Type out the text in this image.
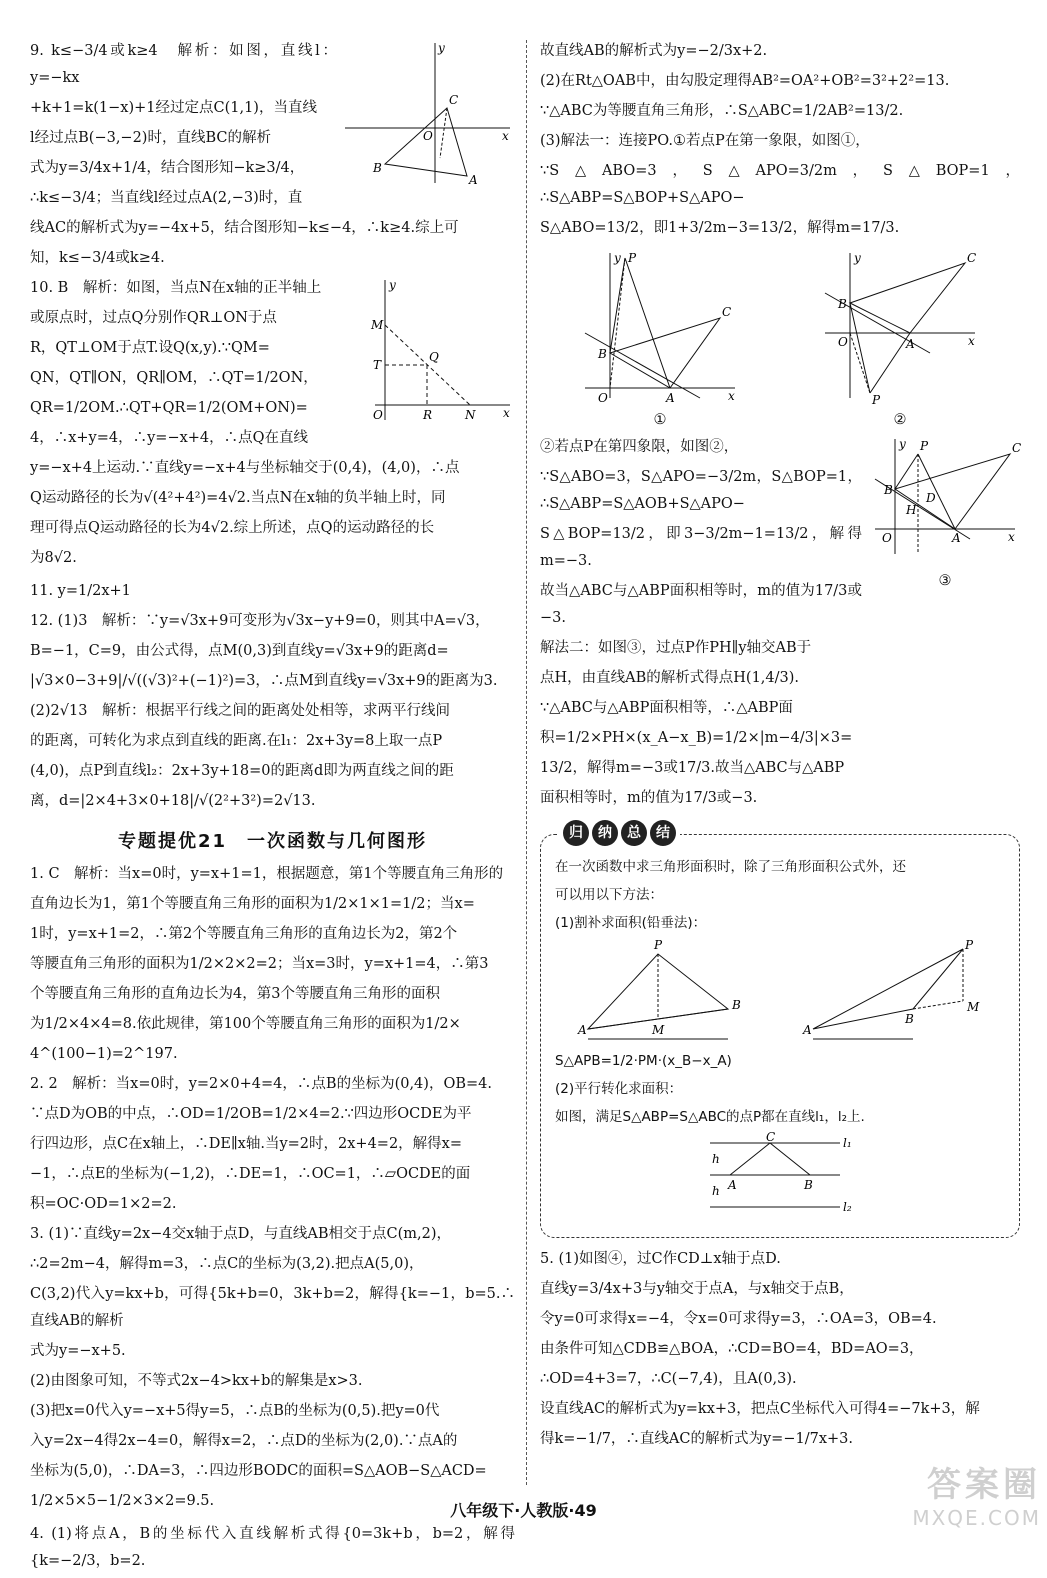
x
y
O
C
B
A

9. k≤−3/4或k≥4　解析：如图，直线l：y=−kx

+k+1=k(1−x)+1经过定点C(1,1)，当直线

l经过点B(−3,−2)时，直线BC的解析

式为y=3/4x+1/4，结合图形知−k≥3/4，

∴k≤−3/4；当直线l经过点A(2,−3)时，直

线AC的解析式为y=−4x+5，结合图形知−k≤−4，∴k≥4.综上可

知，k≤−3/4或k≥4.

x
y
O
M
T
Q
R	N

10. B　解析：如图，当点N在x轴的正半轴上

或原点时，过点Q分别作QR⊥ON于点

R，QT⊥OM于点T.设Q(x,y).∵QM=

QN，QT∥ON，QR∥OM，∴QT=1/2ON，

QR=1/2OM.∴QT+QR=1/2(OM+ON)=

4，∴x+y=4，∴y=−x+4，∴点Q在直线

y=−x+4上运动.∵直线y=−x+4与坐标轴交于(0,4)，(4,0)，∴点

Q运动路径的长为√(4²+4²)=4√2.当点N在x轴的负半轴上时，同

理可得点Q运动路径的长为4√2.综上所述，点Q的运动路径的长

为8√2.

11. y=1/2x+1

12. (1)3　解析：∵y=√3x+9可变形为√3x−y+9=0，则其中A=√3，

B=−1，C=9，由公式得，点M(0,3)到直线y=√3x+9的距离d=

|√3×0−3+9|/√((√3)²+(−1)²)=3，∴点M到直线y=√3x+9的距离为3.

(2)2√13　解析：根据平行线之间的距离处处相等，求两平行线间

的距离，可转化为求点到直线的距离.在l₁：2x+3y=8上取一点P

(4,0)，点P到直线l₂：2x+3y+18=0的距离d即为两直线之间的距

离，d=|2×4+3×0+18|/√(2²+3²)=2√13.

专题提优21　一次函数与几何图形

1. C　解析：当x=0时，y=x+1=1，根据题意，第1个等腰直角三角形的

直角边长为1，第1个等腰直角三角形的面积为1/2×1×1=1/2；当x=

1时，y=x+1=2，∴第2个等腰直角三角形的直角边长为2，第2个

等腰直角三角形的面积为1/2×2×2=2；当x=3时，y=x+1=4，∴第3

个等腰直角三角形的直角边长为4，第3个等腰直角三角形的面积

为1/2×4×4=8.依此规律，第100个等腰直角三角形的面积为1/2×

4^(100−1)=2^197.

2. 2　解析：当x=0时，y=2×0+4=4，∴点B的坐标为(0,4)，OB=4.

∵点D为OB的中点，∴OD=1/2OB=1/2×4=2.∵四边形OCDE为平

行四边形，点C在x轴上，∴DE∥x轴.当y=2时，2x+4=2，解得x=

−1，∴点E的坐标为(−1,2)，∴DE=1，∴OC=1，∴▱OCDE的面

积=OC·OD=1×2=2.

3. (1)∵直线y=2x−4交x轴于点D，与直线AB相交于点C(m,2)，

∴2=2m−4，解得m=3，∴点C的坐标为(3,2).把点A(5,0)，

C(3,2)代入y=kx+b，可得{5k+b=0，3k+b=2，解得{k=−1，b=5.∴直线AB的解析

式为y=−x+5.

(2)由图象可知，不等式2x−4>kx+b的解集是x>3.

(3)把x=0代入y=−x+5得y=5，∴点B的坐标为(0,5).把y=0代

入y=2x−4得2x−4=0，解得x=2，∴点D的坐标为(2,0).∵点A的

坐标为(5,0)，∴DA=3，∴四边形BODC的面积=S△AOB−S△ACD=

1/2×5×5−1/2×3×2=9.5.

4. (1)将点A，B的坐标代入直线解析式得{0=3k+b，b=2，解得{k=−2/3，b=2.

故直线AB的解析式为y=−2/3x+2.

(2)在Rt△OAB中，由勾股定理得AB²=OA²+OB²=3²+2²=13.

∵△ABC为等腰直角三角形，∴S△ABC=1/2AB²=13/2.

(3)解法一：连接PO.①若点P在第一象限，如图①，

∵S△ABO=3，S△APO=3/2m，S△BOP=1，∴S△ABP=S△BOP+S△APO−

S△ABO=13/2，即1+3/2m−3=13/2，解得m=17/3.

x
y
O
P
C
B
A
①
x
y
O
C
B
A
P
②
x
y
O
P	C
B
D
H
A
③

②若点P在第四象限，如图②，

∵S△ABO=3，S△APO=−3/2m，S△BOP=1，∴S△ABP=S△AOB+S△APO−

S△BOP=13/2，即3−3/2m−1=13/2，解得m=−3.

故当△ABC与△ABP面积相等时，m的值为17/3或−3.

解法二：如图③，过点P作PH∥y轴交AB于

点H，由直线AB的解析式得点H(1,4/3).

∵△ABC与△ABP面积相等，∴△ABP面

积=1/2×PH×(x_A−x_B)=1/2×|m−4/3|×3=

13/2，解得m=−3或17/3.故当△ABC与△ABP

面积相等时，m的值为17/3或−3.

归	纳	总	结

在一次函数中求三角形面积时，除了三角形面积公式外，还

可以用以下方法：

(1)割补求面积(铅垂法)：

P
A
B
M
P
A
B
M

S△APB=1/2·PM·(x_B−x_A)

(2)平行转化求面积：

如图，满足S△ABP=S△ABC的点P都在直线l₁，l₂上.

C
A	B
l₁
l₂
h
h

5. (1)如图④，过C作CD⊥x轴于点D.

直线y=3/4x+3与y轴交于点A，与x轴交于点B，

令y=0可求得x=−4，令x=0可求得y=3，∴OA=3，OB=4.

由条件可知△CDB≌△BOA，∴CD=BO=4，BD=AO=3，

∴OD=4+3=7，∴C(−7,4)，且A(0,3).

设直线AC的解析式为y=kx+3，把点C坐标代入可得4=−7k+3，解

得k=−1/7，∴直线AC的解析式为y=−1/7x+3.

八年级下·人教版·49
答案圈
MXQE.COM
